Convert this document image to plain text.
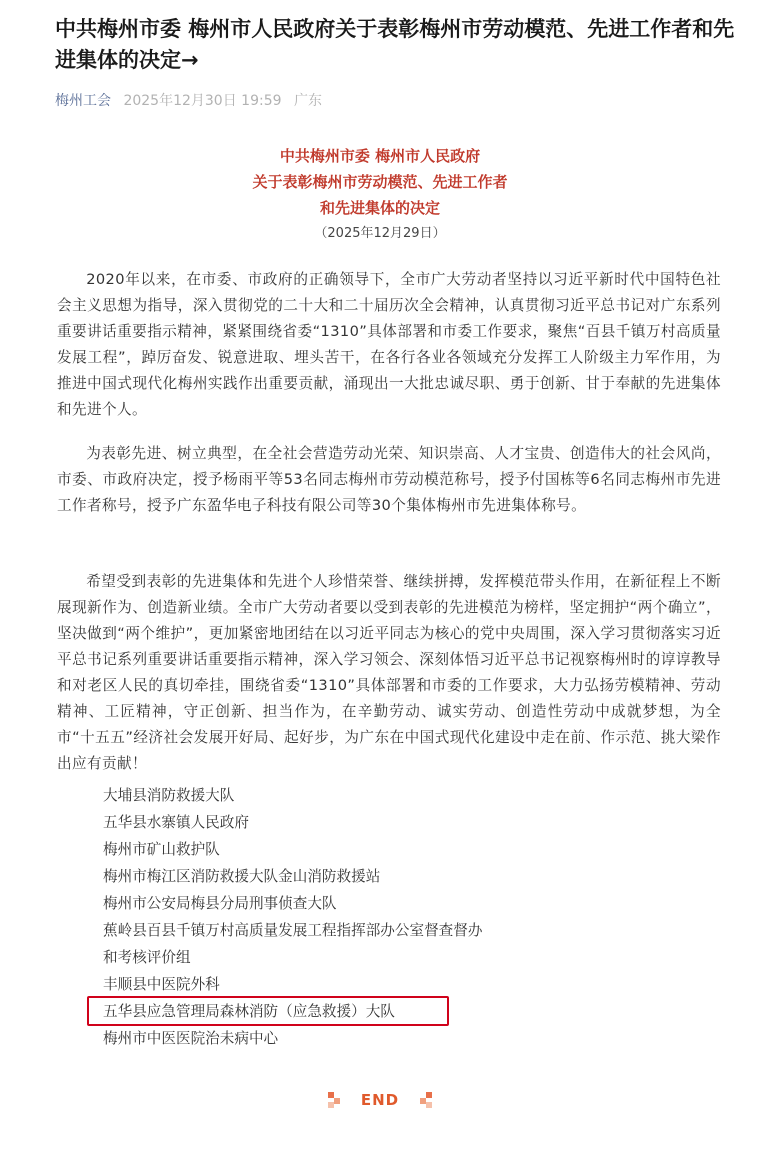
中共梅州市委 梅州市人民政府关于表彰梅州市劳动模范、先进工作者和先进集体的决定→
梅州工会 2025年12月30日 19:59 广东
中共梅州市委 梅州市人民政府
关于表彰梅州市劳动模范、先进工作者
和先进集体的决定
（2025年12月29日）

2020年以来，在市委、市政府的正确领导下，全市广大劳动者坚持以习近平新时代中国特色社会主义思想为指导，深入贯彻党的二十大和二十届历次全会精神，认真贯彻习近平总书记对广东系列重要讲话重要指示精神，紧紧围绕省委“1310”具体部署和市委工作要求，聚焦“百县千镇万村高质量发展工程”，踔厉奋发、锐意进取、埋头苦干，在各行各业各领域充分发挥工人阶级主力军作用，为推进中国式现代化梅州实践作出重要贡献，涌现出一大批忠诚尽职、勇于创新、甘于奉献的先进集体和先进个人。

为表彰先进、树立典型，在全社会营造劳动光荣、知识崇高、人才宝贵、创造伟大的社会风尚，市委、市政府决定，授予杨雨平等53名同志梅州市劳动模范称号，授予付国栋等6名同志梅州市先进工作者称号，授予广东盈华电子科技有限公司等30个集体梅州市先进集体称号。

希望受到表彰的先进集体和先进个人珍惜荣誉、继续拼搏，发挥模范带头作用，在新征程上不断展现新作为、创造新业绩。全市广大劳动者要以受到表彰的先进模范为榜样，坚定拥护“两个确立”，坚决做到“两个维护”，更加紧密地团结在以习近平同志为核心的党中央周围，深入学习贯彻落实习近平总书记系列重要讲话重要指示精神，深入学习领会、深刻体悟习近平总书记视察梅州时的谆谆教导和对老区人民的真切牵挂，围绕省委“1310”具体部署和市委的工作要求，大力弘扬劳模精神、劳动精神、工匠精神，守正创新、担当作为，在辛勤劳动、诚实劳动、创造性劳动中成就梦想，为全市“十五五”经济社会发展开好局、起好步，为广东在中国式现代化建设中走在前、作示范、挑大梁作出应有贡献！

大埔县消防救援大队
五华县水寨镇人民政府
梅州市矿山救护队
梅州市梅江区消防救援大队金山消防救援站
梅州市公安局梅县分局刑事侦查大队
蕉岭县百县千镇万村高质量发展工程指挥部办公室督查督办
和考核评价组
丰顺县中医院外科
五华县应急管理局森林消防（应急救援）大队
梅州市中医医院治未病中心
END
